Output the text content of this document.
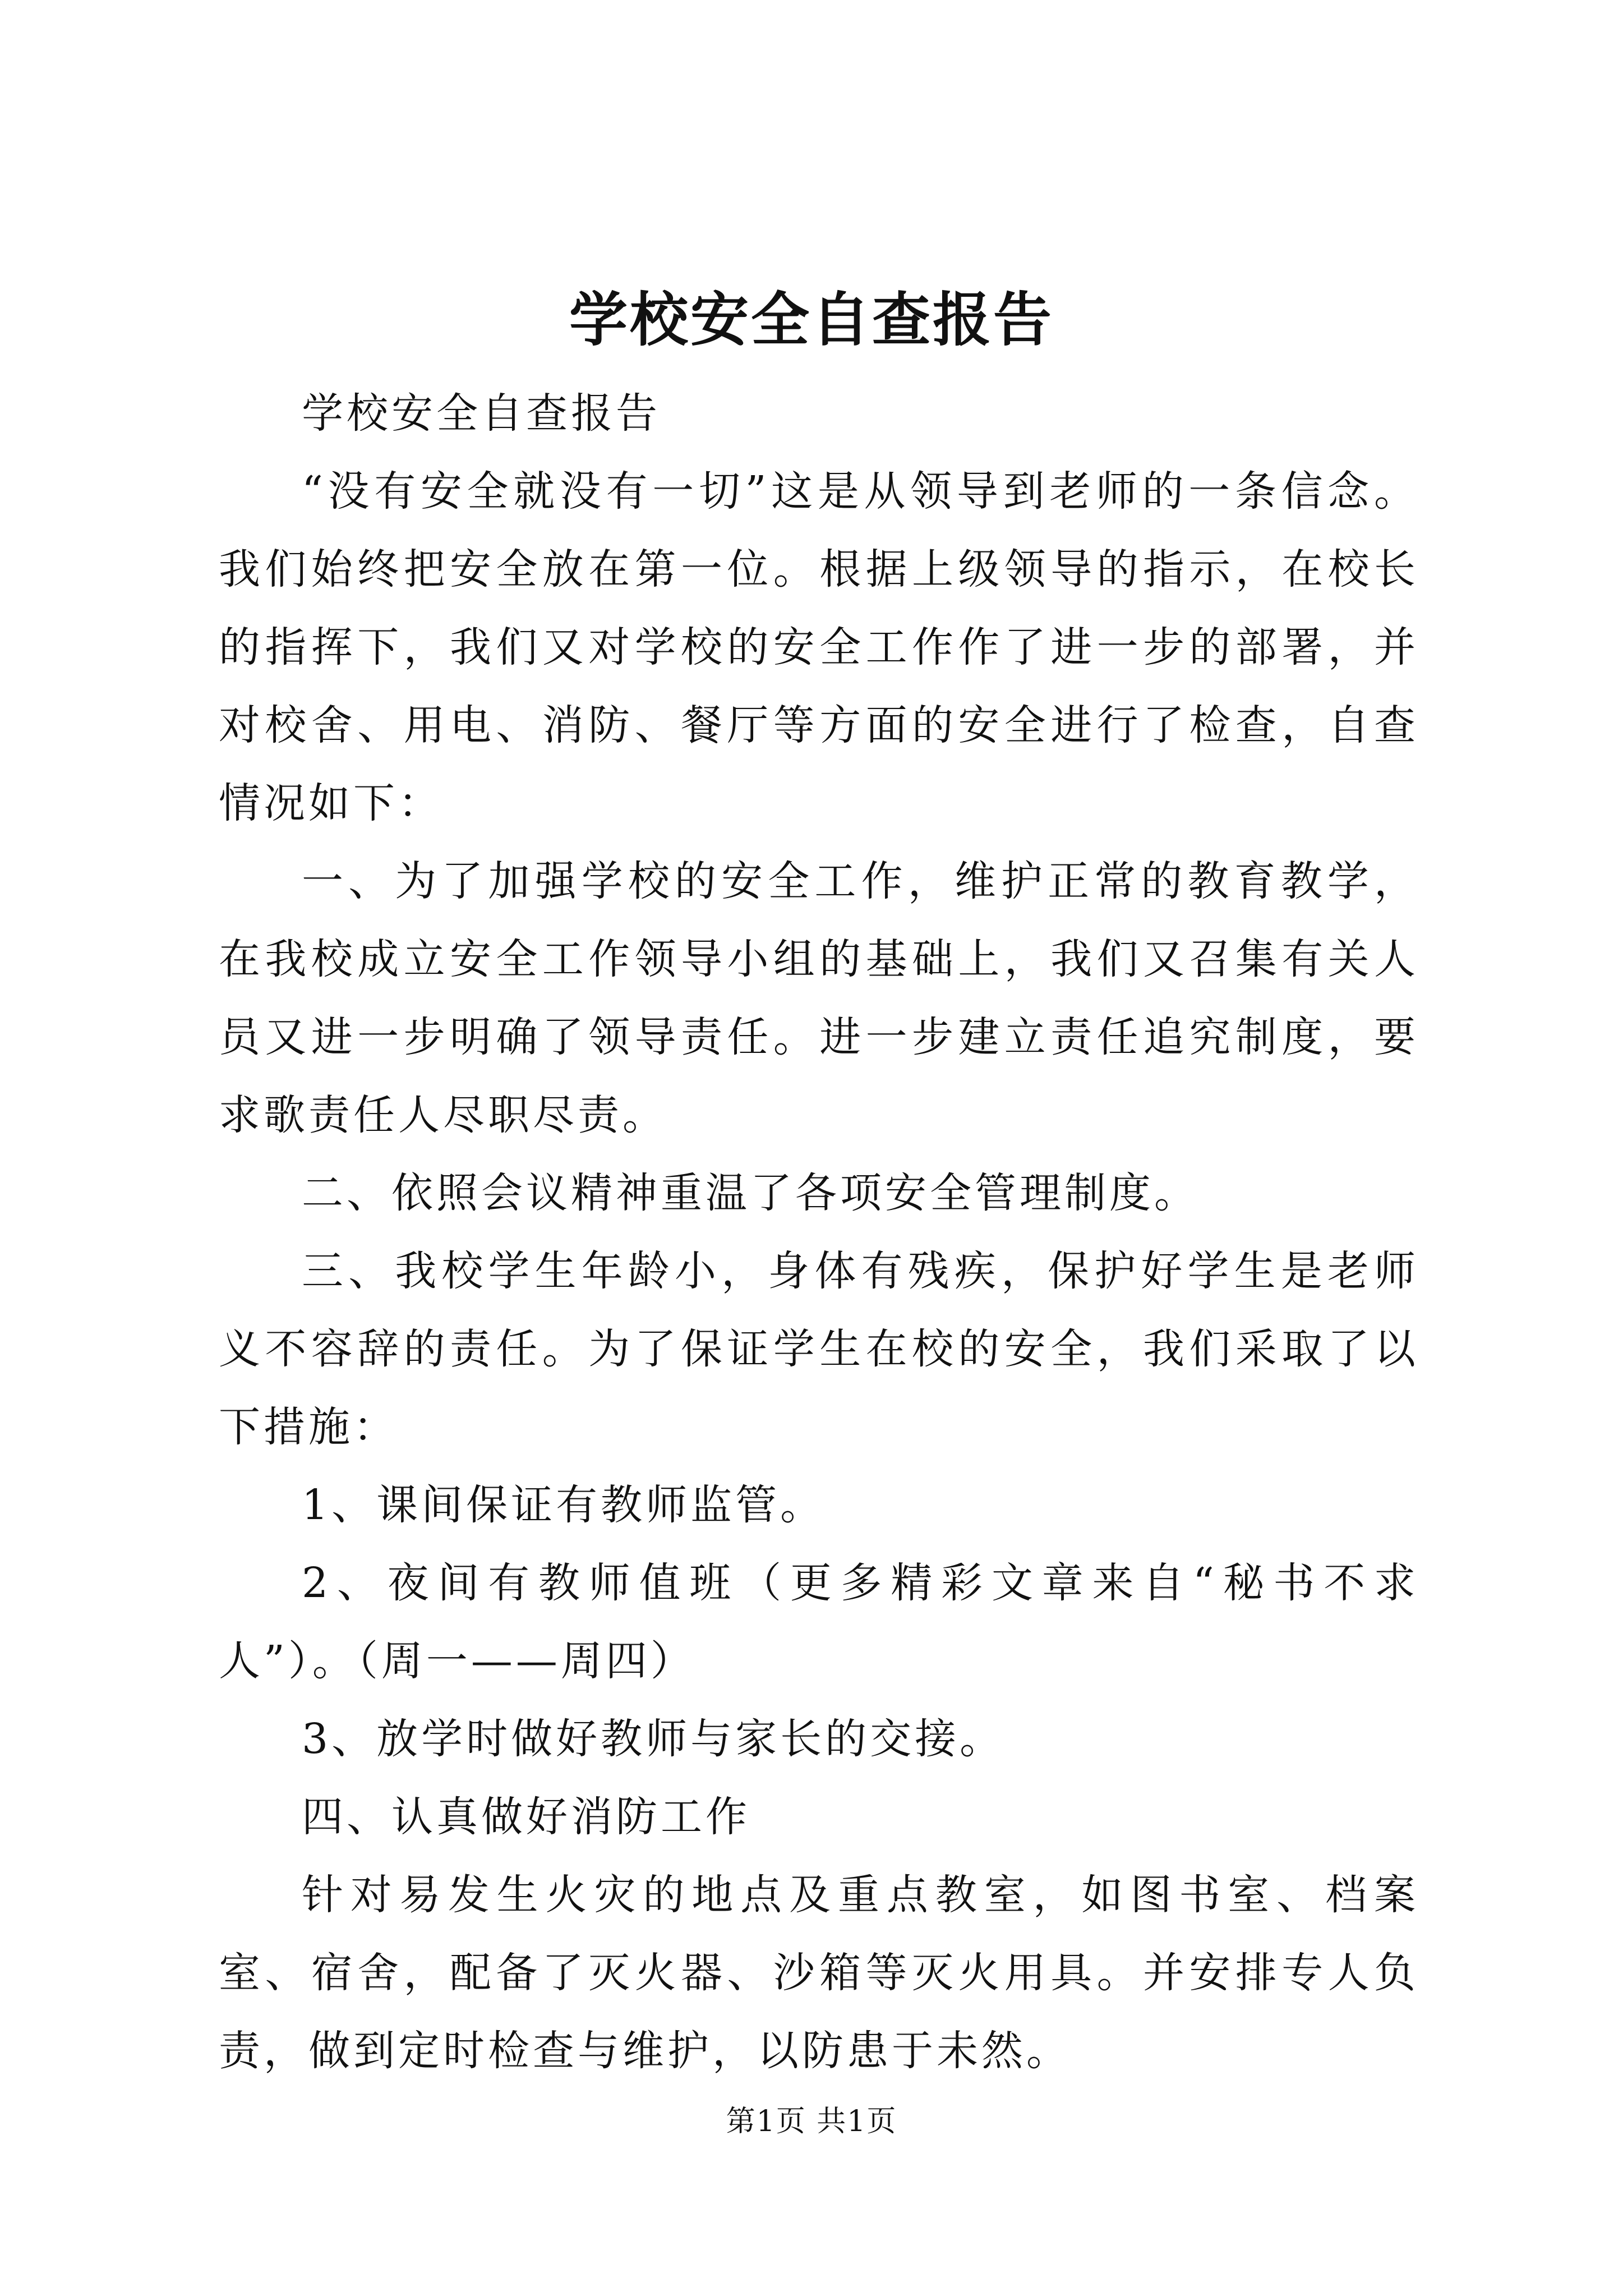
学校安全自查报告

学校安全自查报告

“没有安全就没有一切”这是从领导到老师的一条信念。我们始终把安全放在第一位。根据上级领导的指示，在校长的指挥下，我们又对学校的安全工作作了进一步的部署，并对校舍、用电、消防、餐厅等方面的安全进行了检查，自查情况如下：

一、为了加强学校的安全工作，维护正常的教育教学，在我校成立安全工作领导小组的基础上，我们又召集有关人员又进一步明确了领导责任。进一步建立责任追究制度，要求歌责任人尽职尽责。

二、依照会议精神重温了各项安全管理制度。

三、我校学生年龄小，身体有残疾，保护好学生是老师义不容辞的责任。为了保证学生在校的安全，我们采取了以下措施：

1、课间保证有教师监管。

2、夜间有教师值班（更多精彩文章来自“秘书不求人”）。（周一——周四）

3、放学时做好教师与家长的交接。

四、认真做好消防工作

针对易发生火灾的地点及重点教室，如图书室、档案室、宿舍，配备了灭火器、沙箱等灭火用具。并安排专人负责，做到定时检查与维护，以防患于未然。

第1页 共1页
